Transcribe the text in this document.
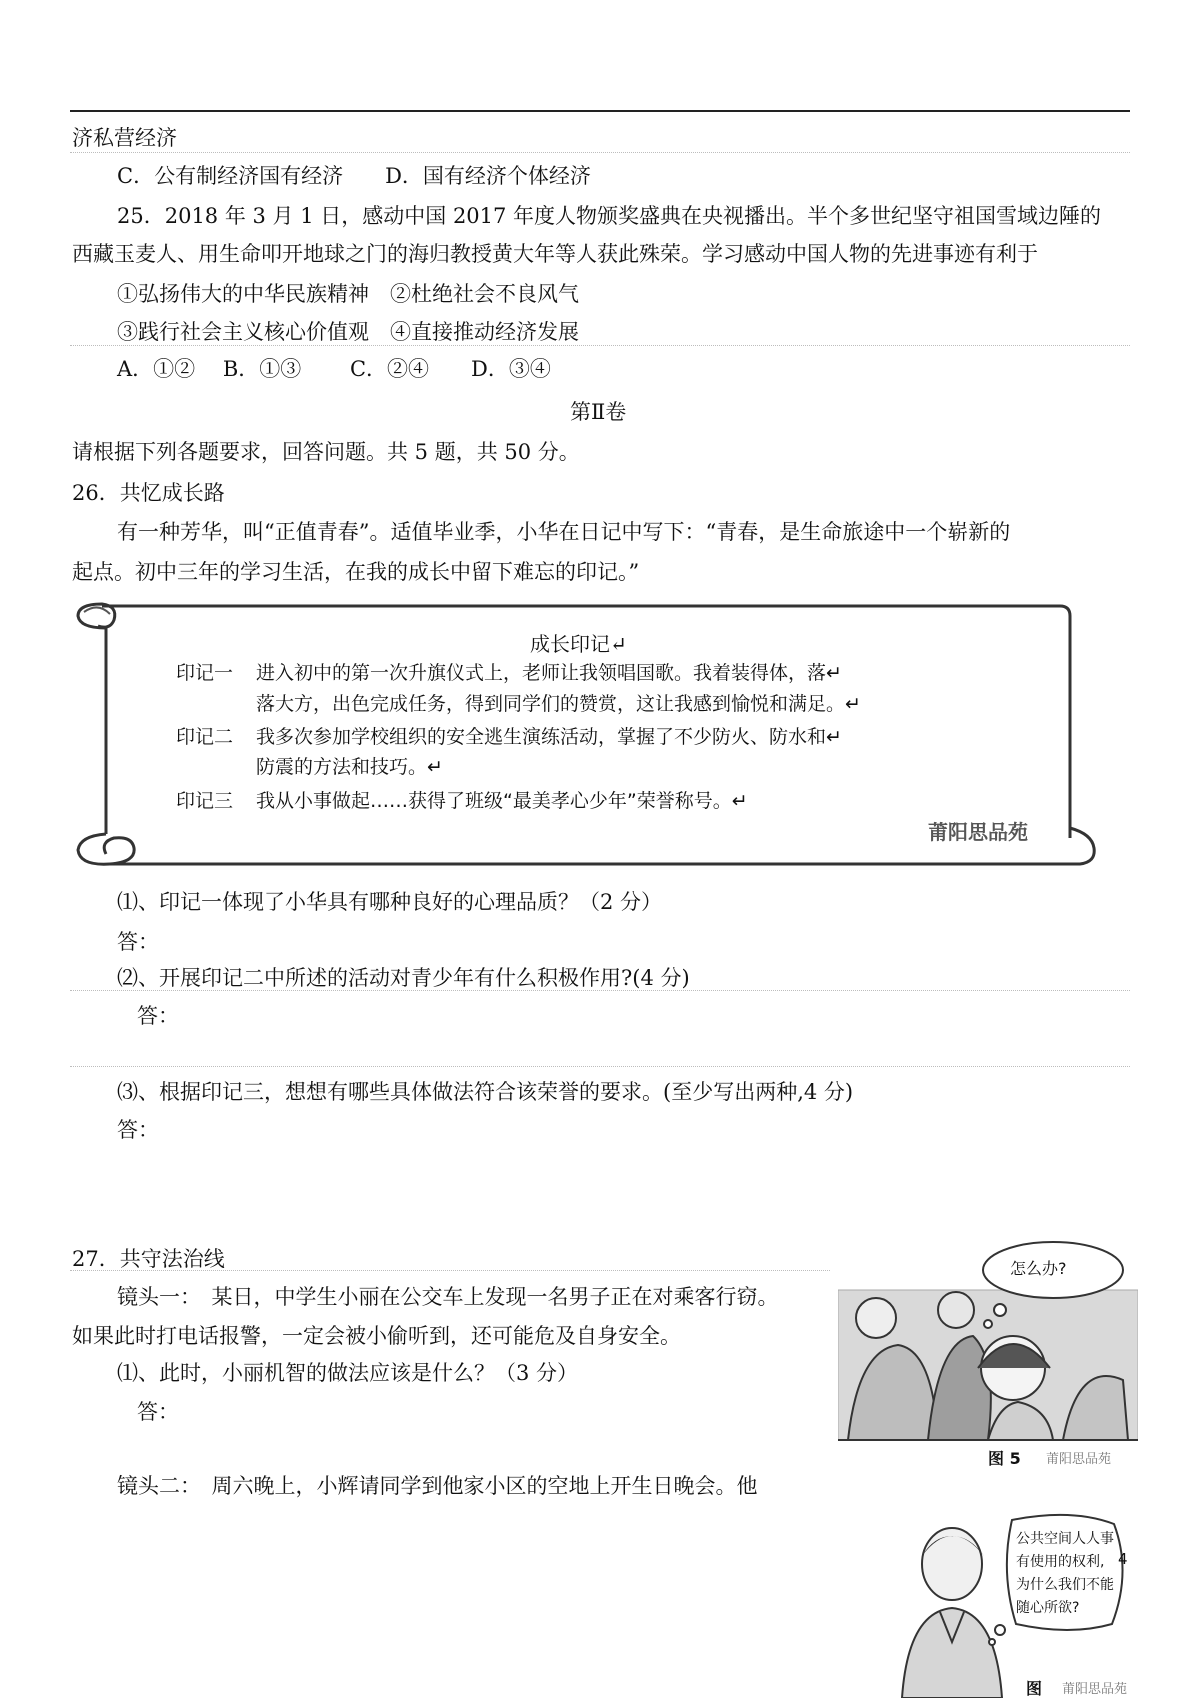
济私营经济
C．公有制经济国有经济　　D．国有经济个体经济
25．2018 年 3 月 1 日，感动中国 2017 年度人物颁奖盛典在央视播出。半个多世纪坚守祖国雪域边陲的
西藏玉麦人、用生命叩开地球之门的海归教授黄大年等人获此殊荣。学习感动中国人物的先进事迹有利于
①弘扬伟大的中华民族精神　②杜绝社会不良风气
③践行社会主义核心价值观　④直接推动经济发展
A．①②　 B．①③　　 C．②④　　D．③④
第Ⅱ卷
请根据下列各题要求，回答问题。共 5 题，共 50 分。
26．共忆成长路
有一种芳华，叫“正值青春”。适值毕业季，小华在日记中写下：“青春，是生命旅途中一个崭新的
起点。初中三年的学习生活，在我的成长中留下难忘的印记。”
成长印记↵
印记一 进入初中的第一次升旗仪式上，老师让我领唱国歌。我着装得体，落↵
落大方，出色完成任务，得到同学们的赞赏，这让我感到愉悦和满足。↵
印记二 我多次参加学校组织的安全逃生演练活动，掌握了不少防火、防水和↵
防震的方法和技巧。↵
印记三 我从小事做起……获得了班级“最美孝心少年”荣誉称号。↵
莆阳思品苑
⑴、印记一体现了小华具有哪种良好的心理品质？（2 分）
答：
⑵、开展印记二中所述的活动对青少年有什么积极作用?(4 分)
答：
⑶、根据印记三，想想有哪些具体做法符合该荣誉的要求。(至少写出两种,4 分)
答：
27．共守法治线
镜头一：　某日，中学生小丽在公交车上发现一名男子正在对乘客行窃。
如果此时打电话报警，一定会被小偷听到，还可能危及自身安全。
⑴、此时，小丽机智的做法应该是什么？（3 分）
答：
镜头二：　周六晚上，小辉请同学到他家小区的空地上开生日晚会。他
怎么办?
图 5 莆阳思品苑
公共空间人人事
有使用的权利,
为什么我们不能
随心所欲?
图 莆阳思品苑
4
